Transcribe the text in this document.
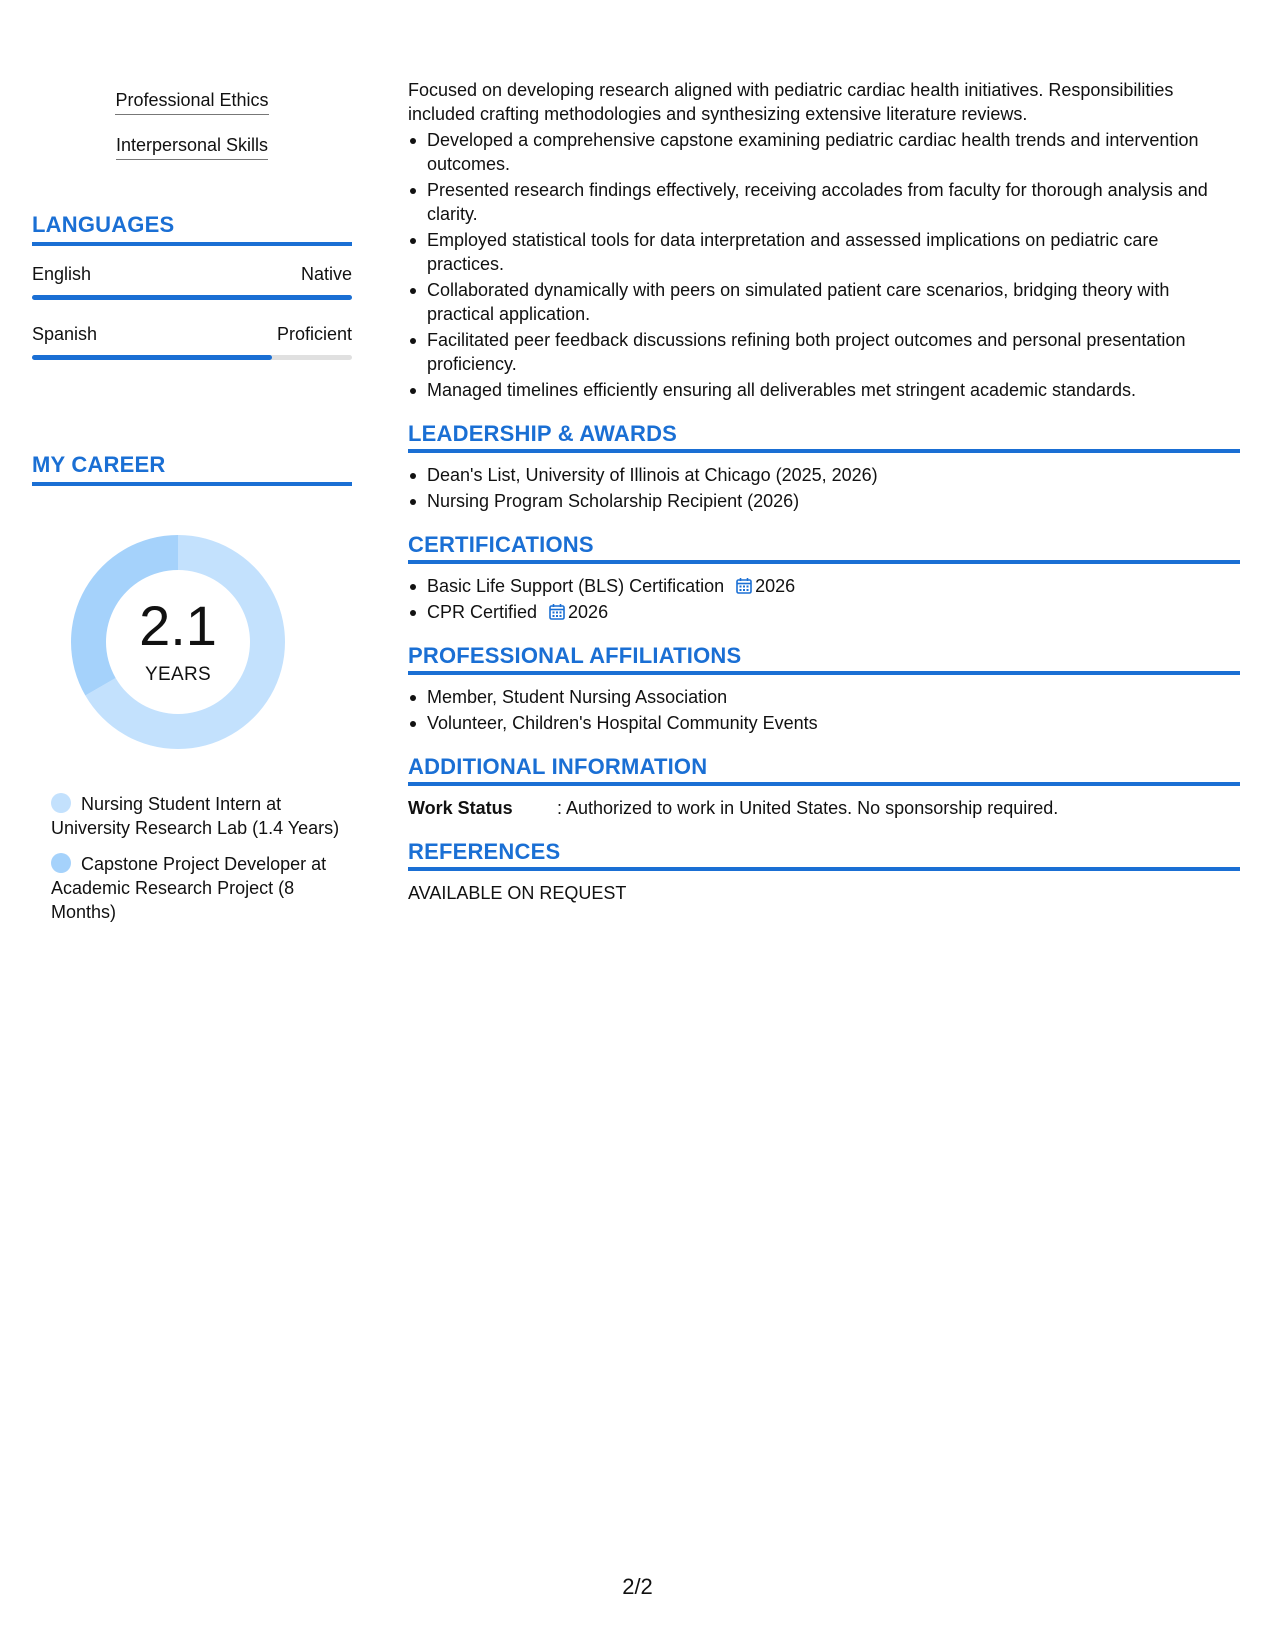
Professional Ethics
Interpersonal Skills
LANGUAGES
English	Native
Spanish	Proficient
MY CAREER
2.1
YEARS
Nursing Student Intern at University Research Lab (1.4 Years)
Capstone Project Developer at Academic Research Project (8 Months)

Focused on developing research aligned with pediatric cardiac health initiatives. Responsibilities included crafting methodologies and synthesizing extensive literature reviews.

Developed a comprehensive capstone examining pediatric cardiac health trends and intervention outcomes.
Presented research findings effectively, receiving accolades from faculty for thorough analysis and clarity.
Employed statistical tools for data interpretation and assessed implications on pediatric care practices.
Collaborated dynamically with peers on simulated patient care scenarios, bridging theory with practical application.
Facilitated peer feedback discussions refining both project outcomes and personal presentation proficiency.
Managed timelines efficiently ensuring all deliverables met stringent academic standards.
LEADERSHIP & AWARDS
Dean's List, University of Illinois at Chicago (2025, 2026)
Nursing Program Scholarship Recipient (2026)
CERTIFICATIONS
Basic Life Support (BLS) Certification 2026
CPR Certified 2026
PROFESSIONAL AFFILIATIONS
Member, Student Nursing Association
Volunteer, Children's Hospital Community Events
ADDITIONAL INFORMATION
Work Status	: Authorized to work in United States. No sponsorship required.
REFERENCES
AVAILABLE ON REQUEST
2/2
